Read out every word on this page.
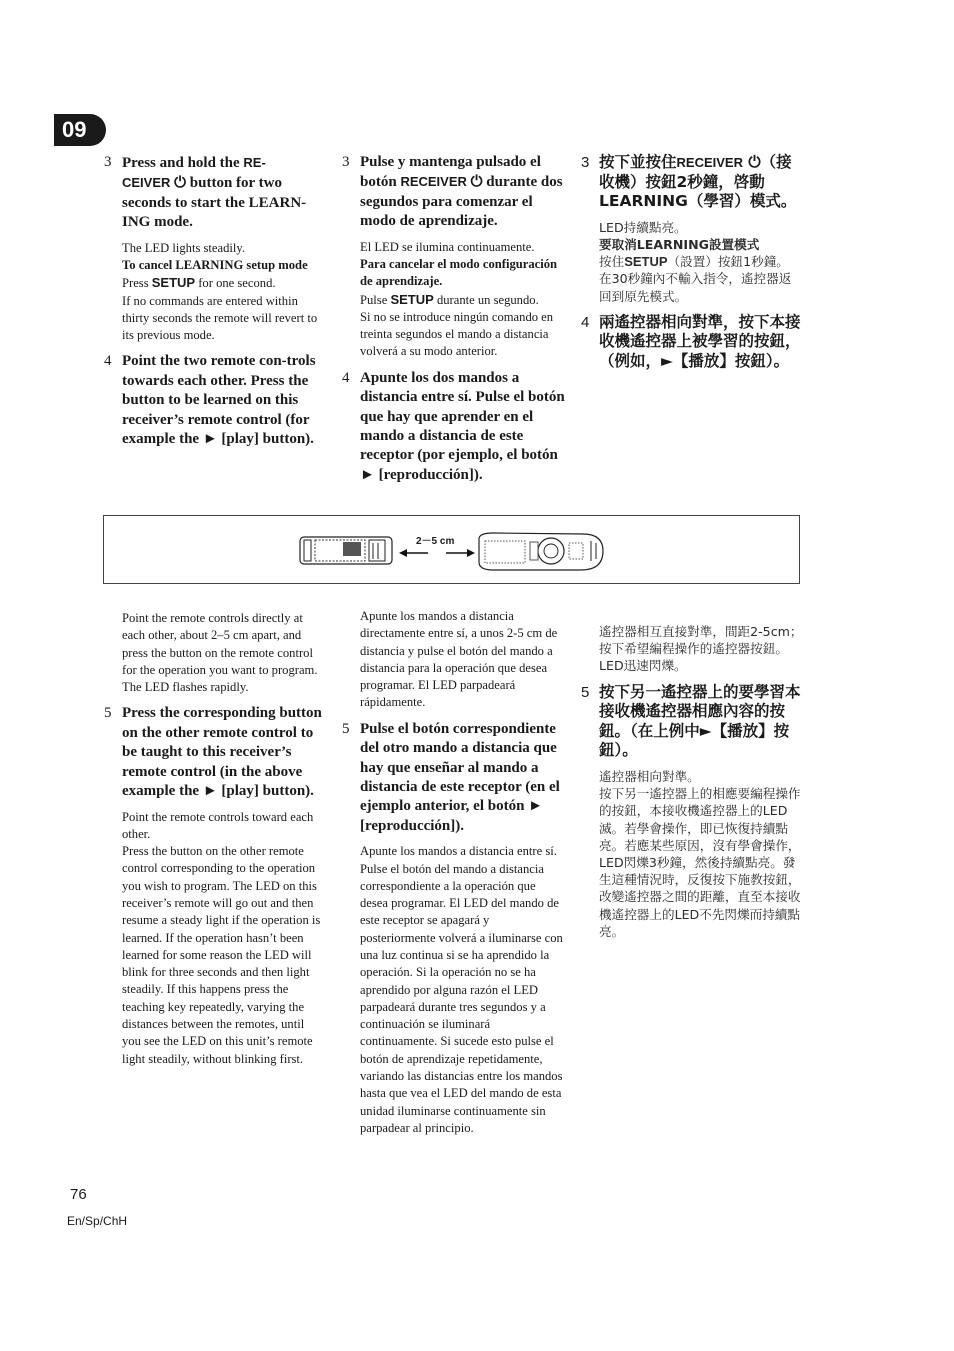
09
3 Press and hold the RE-
CEIVER ⏻ button for two seconds to start the LEARN-ING mode.

The LED lights steadily.

To cancel LEARNING setup mode

Press SETUP for one second.

If no commands are entered within thirty seconds the remote will revert to its previous mode.

4 Point the two remote con-trols towards each other. Press the button to be learned on this receiver’s remote control (for example the ► [play] button).

Point the remote controls directly at each other, about 2–5 cm apart, and press the button on the remote control for the operation you want to program. The LED flashes rapidly.

5 Press the corresponding button on the other remote control to be taught to this receiver’s remote control (in the above example the ► [play] button).

Point the remote controls toward each other.

Press the button on the other remote control corresponding to the operation you wish to program. The LED on this receiver’s remote will go out and then resume a steady light if the operation is learned. If the operation hasn’t been learned for some reason the LED will blink for three seconds and then light steadily. If this happens press the teaching key repeatedly, varying the distances between the remotes, until you see the LED on this unit’s remote light steadily, without blinking first.

3 Pulse y mantenga pulsado el botón RECEIVER ⏻ durante dos segundos para comenzar el modo de aprendizaje.

El LED se ilumina continuamente.

Para cancelar el modo configuración de aprendizaje.

Pulse SETUP durante un segundo.

Si no se introduce ningún comando en treinta segundos el mando a distancia volverá a su modo anterior.

4 Apunte los dos mandos a distancia entre sí. Pulse el botón que hay que aprender en el mando a distancia de este receptor (por ejemplo, el botón ► [reproducción]).

Apunte los mandos a distancia directamente entre sí, a unos 2-5 cm de distancia y pulse el botón del mando a distancia para la operación que desea programar. El LED parpadeará rápidamente.

5 Pulse el botón correspondiente del otro mando a distancia que hay que enseñar al mando a distancia de este receptor (en el ejemplo anterior, el botón ► [reproducción]).

Apunte los mandos a distancia entre sí. Pulse el botón del mando a distancia correspondiente a la operación que desea programar. El LED del mando de este receptor se apagará y posteriormente volverá a iluminarse con una luz continua si se ha aprendido la operación. Si la operación no se ha aprendido por alguna razón el LED parpadeará durante tres segundos y a continuación se iluminará continuamente. Si sucede esto pulse el botón de aprendizaje repetidamente, variando las distancias entre los mandos hasta que vea el LED del mando de esta unidad iluminarse continuamente sin parpadear al principio.

3 按下並按住RECEIVER ⏻（接收機）按鈕2秒鐘，啓動LEARNING（學習）模式。

LED持續點亮。

要取消LEARNING設置模式

按住SETUP（設置）按鈕1秒鐘。

在30秒鐘內不輸入指令，遙控器返回到原先模式。

4 兩遙控器相向對準，按下本接收機遙控器上被學習的按鈕，（例如，►【播放】按鈕）。

遙控器相互直接對準，間距2-5cm；按下希望編程操作的遙控器按鈕。LED迅速閃爍。

5 按下另一遙控器上的要學習本接收機遙控器相應內容的按鈕。（在上例中►【播放】按鈕）。

遙控器相向對準。

按下另一遙控器上的相應要編程操作的按鈕，本接收機遙控器上的LED滅。若學會操作，即已恢復持續點亮。若應某些原因，沒有學會操作，LED閃爍3秒鐘，然後持續點亮。發生這種情況時，反復按下施教按鈕，改變遙控器之間的距離，直至本接收機遙控器上的LED不先閃爍而持續點亮。

2－5 cm
76
En/Sp/ChH
